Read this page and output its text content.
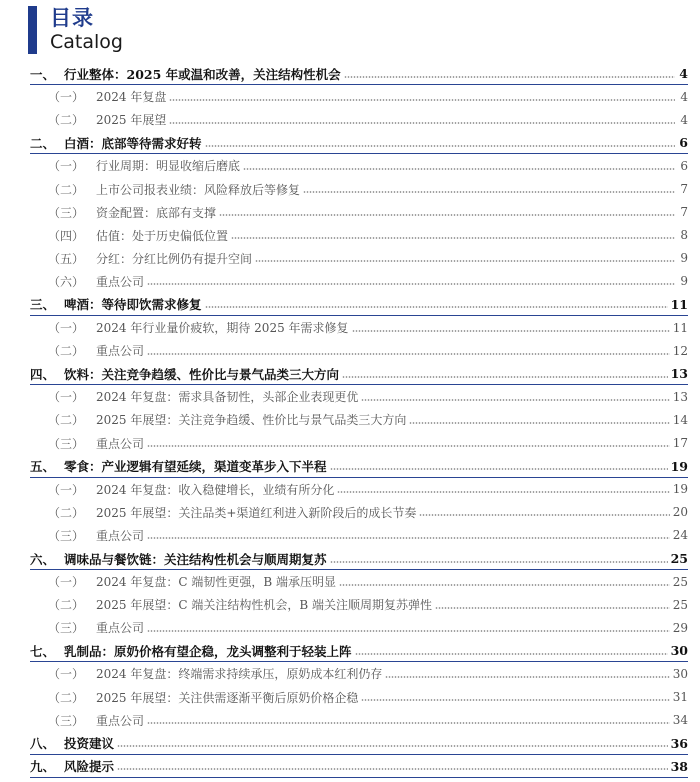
目录
Catalog
一、 行业整体：2025 年或温和改善，关注结构性机会	4
（一） 2024 年复盘	4
（二） 2025 年展望	4
二、 白酒：底部等待需求好转	6
（一） 行业周期：明显收缩后磨底	6
（二） 上市公司报表业绩：风险释放后等修复	7
（三） 资金配置：底部有支撑	7
（四） 估值：处于历史偏低位置	8
（五） 分红：分红比例仍有提升空间	9
（六） 重点公司	9
三、 啤酒：等待即饮需求修复	11
（一） 2024 年行业量价疲软，期待 2025 年需求修复	11
（二） 重点公司	12
四、 饮料：关注竞争趋缓、性价比与景气品类三大方向	13
（一） 2024 年复盘：需求具备韧性，头部企业表现更优	13
（二） 2025 年展望：关注竞争趋缓、性价比与景气品类三大方向	14
（三） 重点公司	17
五、 零食：产业逻辑有望延续，渠道变革步入下半程	19
（一） 2024 年复盘：收入稳健增长，业绩有所分化	19
（二） 2025 年展望：关注品类+渠道红利进入新阶段后的成长节奏	20
（三） 重点公司	24
六、 调味品与餐饮链：关注结构性机会与顺周期复苏	25
（一） 2024 年复盘：C 端韧性更强，B 端承压明显	25
（二） 2025 年展望：C 端关注结构性机会，B 端关注顺周期复苏弹性	25
（三） 重点公司	29
七、 乳制品：原奶价格有望企稳，龙头调整利于轻装上阵	30
（一） 2024 年复盘：终端需求持续承压，原奶成本红利仍存	30
（二） 2025 年展望：关注供需逐渐平衡后原奶价格企稳	31
（三） 重点公司	34
八、 投资建议	36
九、 风险提示	38
